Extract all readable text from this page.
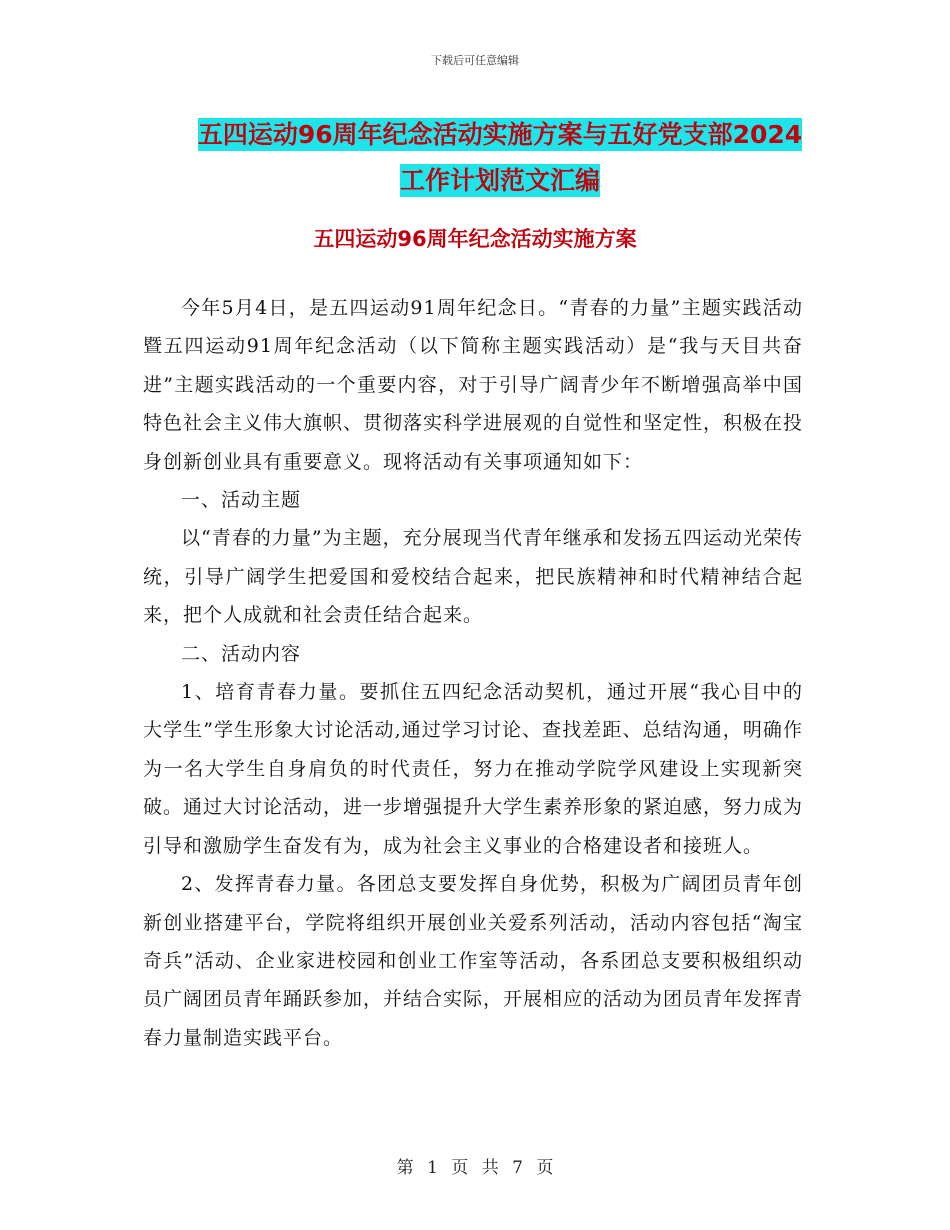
下载后可任意编辑
五四运动96周年纪念活动实施方案与五好党支部2024
工作计划范文汇编
五四运动96周年纪念活动实施方案

今年5月4日，是五四运动91周年纪念日。“青春的力量”主题实践活动暨五四运动91周年纪念活动（以下简称主题实践活动）是“我与天目共奋进”主题实践活动的一个重要内容，对于引导广阔青少年不断增强高举中国特色社会主义伟大旗帜、贯彻落实科学进展观的自觉性和坚定性，积极在投身创新创业具有重要意义。现将活动有关事项通知如下：

一、活动主题

以“青春的力量”为主题，充分展现当代青年继承和发扬五四运动光荣传统，引导广阔学生把爱国和爱校结合起来，把民族精神和时代精神结合起来，把个人成就和社会责任结合起来。

二、活动内容

1、培育青春力量。要抓住五四纪念活动契机，通过开展“我心目中的大学生”学生形象大讨论活动,通过学习讨论、查找差距、总结沟通，明确作为一名大学生自身肩负的时代责任，努力在推动学院学风建设上实现新突破。通过大讨论活动，进一步增强提升大学生素养形象的紧迫感，努力成为引导和激励学生奋发有为，成为社会主义事业的合格建设者和接班人。

2、发挥青春力量。各团总支要发挥自身优势，积极为广阔团员青年创新创业搭建平台，学院将组织开展创业关爱系列活动，活动内容包括“淘宝奇兵”活动、企业家进校园和创业工作室等活动，各系团总支要积极组织动员广阔团员青年踊跃参加，并结合实际，开展相应的活动为团员青年发挥青春力量制造实践平台。

第 1 页 共 7 页
